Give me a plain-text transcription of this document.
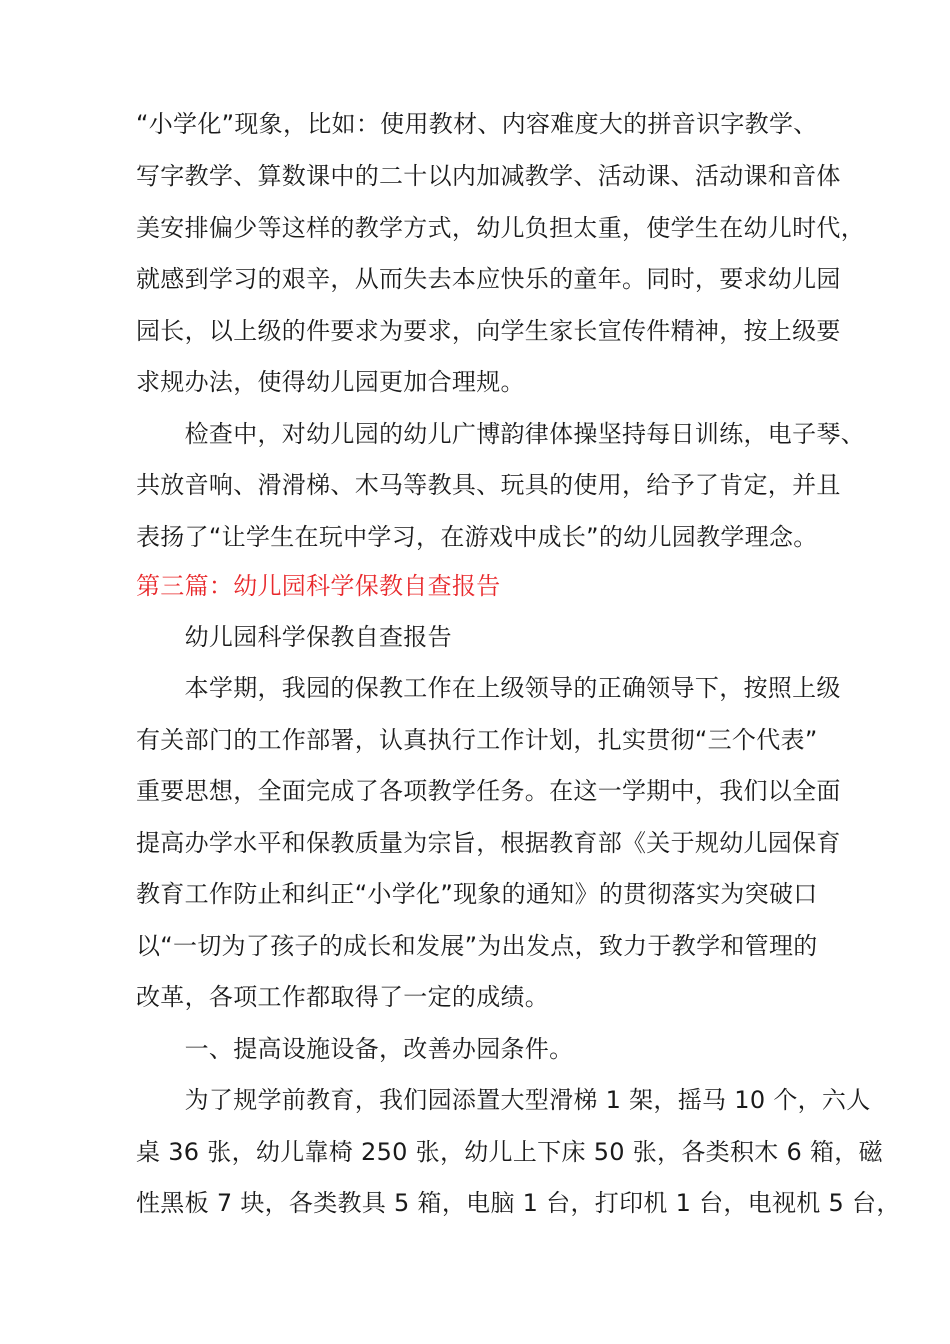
“小学化”现象，比如：使用教材、内容难度大的拼音识字教学、
写字教学、算数课中的二十以内加减教学、活动课、活动课和音体
美安排偏少等这样的教学方式，幼儿负担太重，使学生在幼儿时代，
就感到学习的艰辛，从而失去本应快乐的童年。同时，要求幼儿园
园长，以上级的件要求为要求，向学生家长宣传件精神，按上级要
求规办法，使得幼儿园更加合理规。
　　检查中，对幼儿园的幼儿广博韵律体操坚持每日训练，电子琴、
共放音响、滑滑梯、木马等教具、玩具的使用，给予了肯定，并且
表扬了“让学生在玩中学习，在游戏中成长”的幼儿园教学理念。
第三篇：幼儿园科学保教自查报告
　　幼儿园科学保教自查报告
　　本学期，我园的保教工作在上级领导的正确领导下，按照上级
有关部门的工作部署，认真执行工作计划，扎实贯彻“三个代表”
重要思想，全面完成了各项教学任务。在这一学期中，我们以全面
提高办学水平和保教质量为宗旨，根据教育部《关于规幼儿园保育
教育工作防止和纠正“小学化”现象的通知》的贯彻落实为突破口
以“一切为了孩子的成长和发展”为出发点，致力于教学和管理的
改革，各项工作都取得了一定的成绩。
　　一、提高设施设备，改善办园条件。
　　为了规学前教育，我们园添置大型滑梯 1 架，摇马 10 个，六人
桌 36 张，幼儿靠椅 250 张，幼儿上下床 50 张，各类积木 6 箱，磁
性黑板 7 块，各类教具 5 箱，电脑 1 台，打印机 1 台，电视机 5 台，
